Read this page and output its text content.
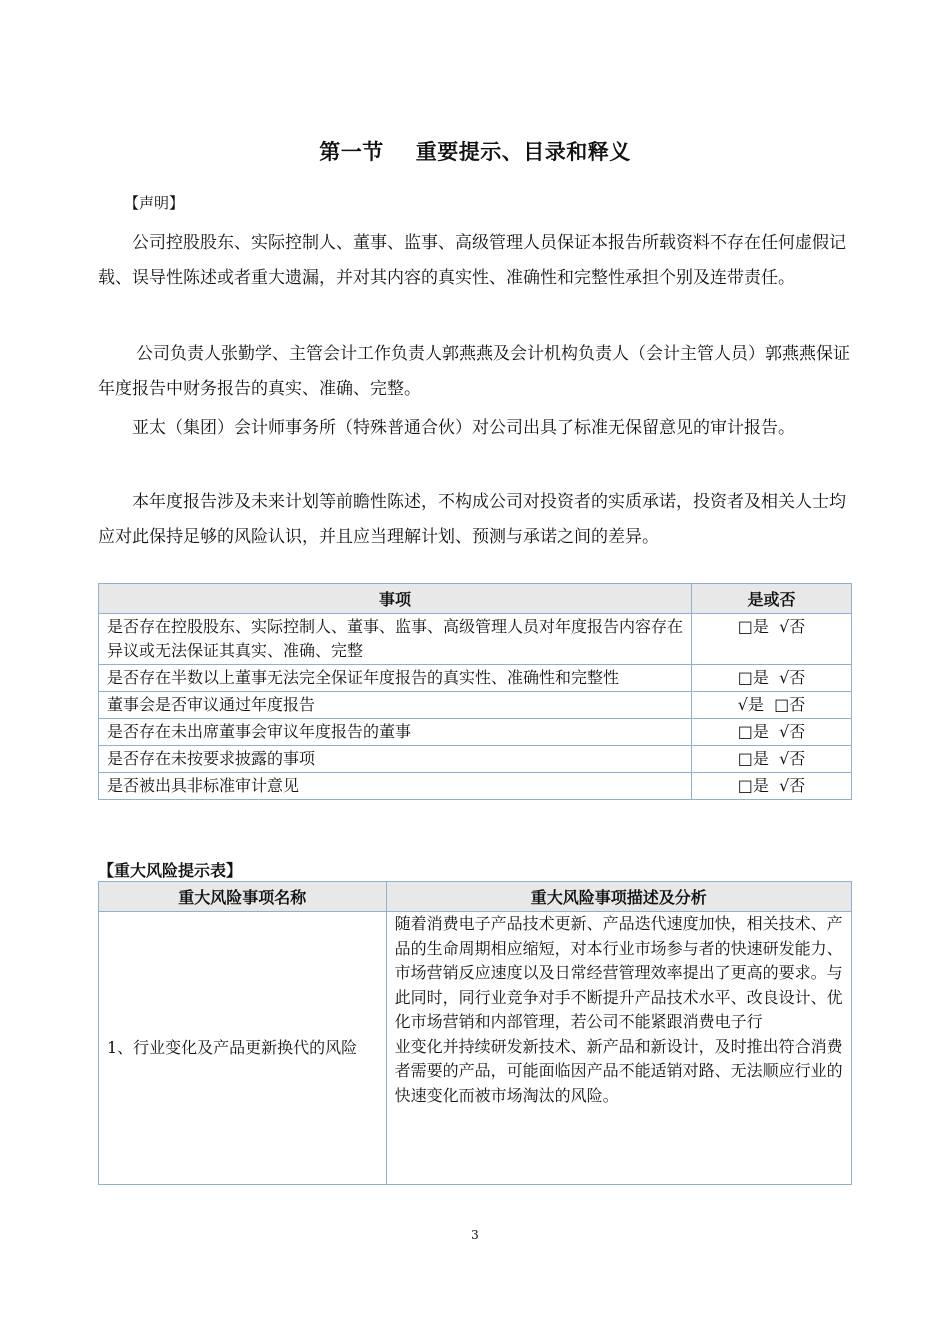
第一节 重要提示、目录和释义
【声明】

公司控股股东、实际控制人、董事、监事、高级管理人员保证本报告所载资料不存在任何虚假记载、误导性陈述或者重大遗漏，并对其内容的真实性、准确性和完整性承担个别及连带责任。

公司负责人张勤学、主管会计工作负责人郭燕燕及会计机构负责人（会计主管人员）郭燕燕保证年度报告中财务报告的真实、准确、完整。

亚太（集团）会计师事务所（特殊普通合伙）对公司出具了标准无保留意见的审计报告。

本年度报告涉及未来计划等前瞻性陈述，不构成公司对投资者的实质承诺，投资者及相关人士均应对此保持足够的风险认识，并且应当理解计划、预测与承诺之间的差异。

事项	是或否
是否存在控股股东、实际控制人、董事、监事、高级管理人员对年度报告内容存在异议或无法保证其真实、准确、完整	□是  √否
是否存在半数以上董事无法完全保证年度报告的真实性、准确性和完整性	□是  √否
董事会是否审议通过年度报告	√是  □否
是否存在未出席董事会审议年度报告的董事	□是  √否
是否存在未按要求披露的事项	□是  √否
是否被出具非标准审计意见	□是  √否
【重大风险提示表】
重大风险事项名称	重大风险事项描述及分析
1、行业变化及产品更新换代的风险	随着消费电子产品技术更新、产品迭代速度加快，相关技术、产品的生命周期相应缩短，对本行业市场参与者的快速研发能力、市场营销反应速度以及日常经营管理效率提出了更高的要求。与此同时，同行业竞争对手不断提升产品技术水平、改良设计、优化市场营销和内部管理，若公司不能紧跟消费电子行
业变化并持续研发新技术、新产品和新设计，及时推出符合消费者需要的产品，可能面临因产品不能适销对路、无法顺应行业的快速变化而被市场淘汰的风险。
3
